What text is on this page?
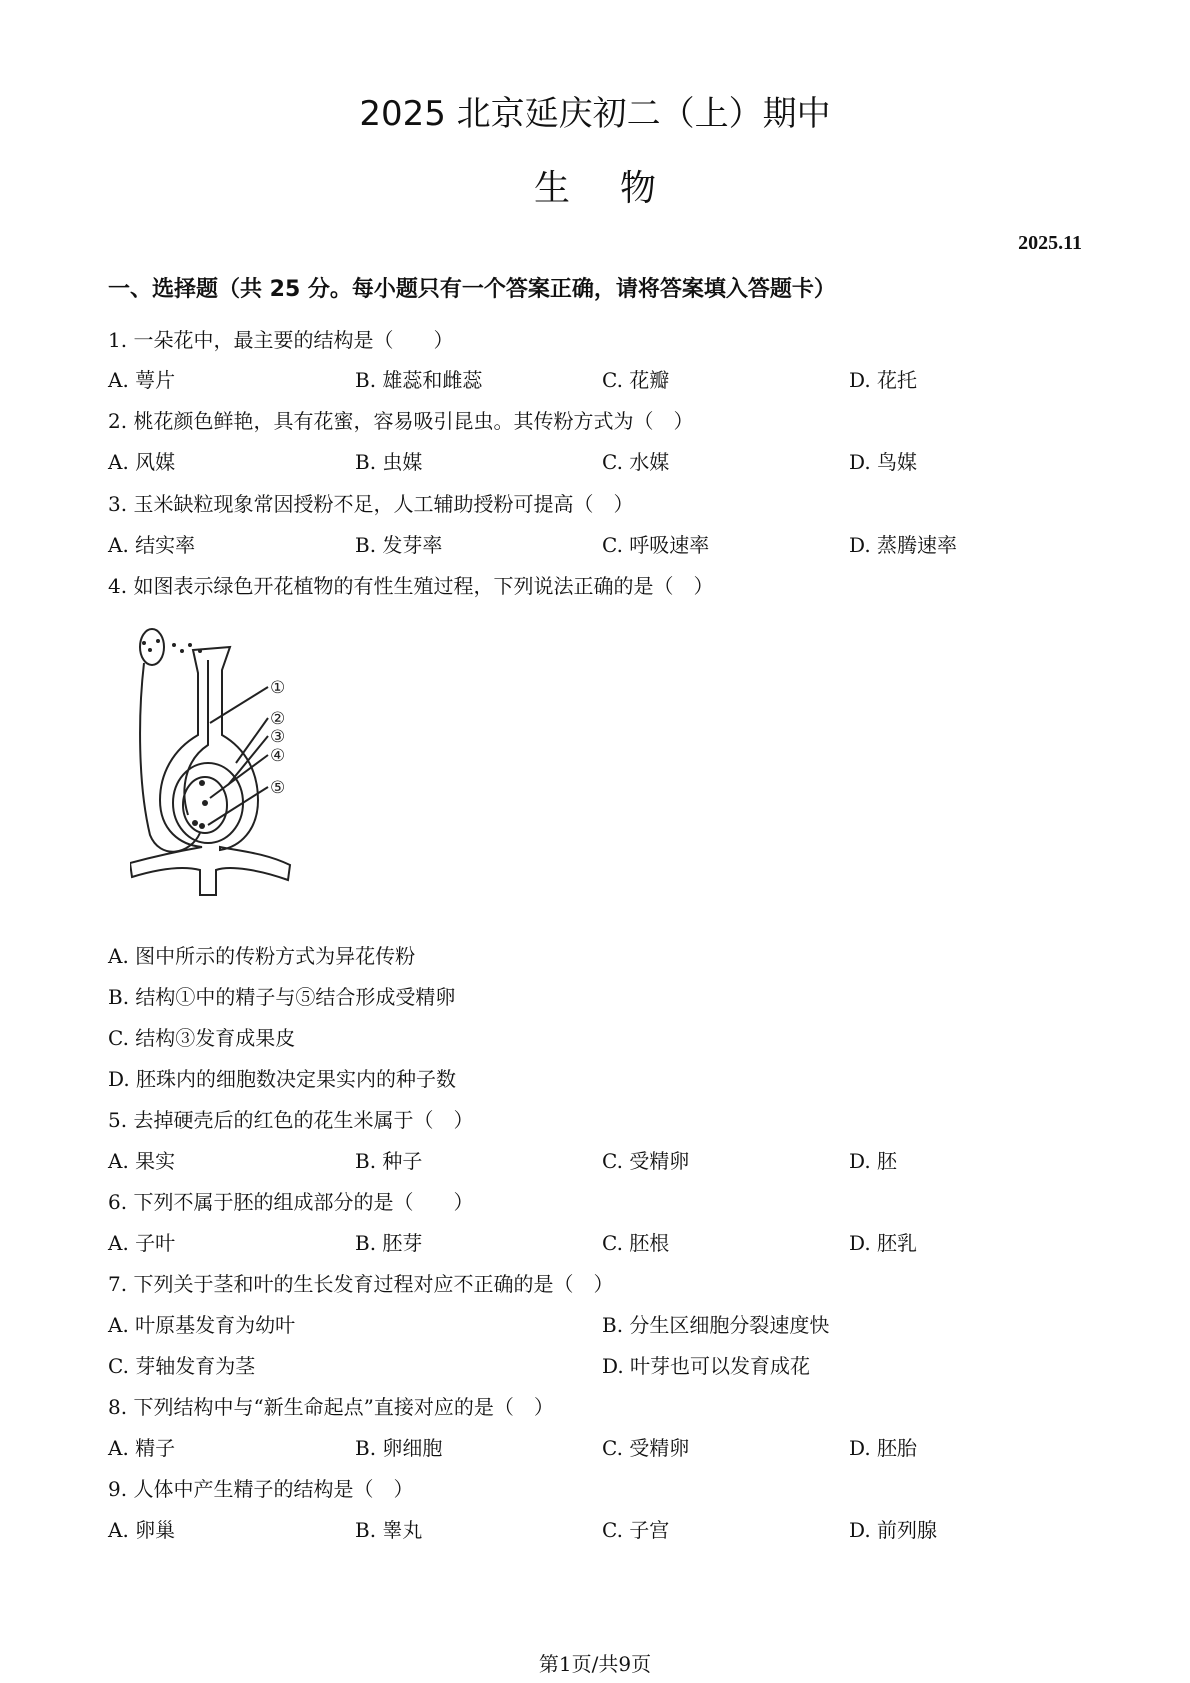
2025 北京延庆初二（上）期中
生物
2025.11
一、选择题（共 25 分。每小题只有一个答案正确，请将答案填入答题卡）
1. 一朵花中，最主要的结构是（　　）
A. 萼片	B. 雄蕊和雌蕊	C. 花瓣	D. 花托
2. 桃花颜色鲜艳，具有花蜜，容易吸引昆虫。其传粉方式为（　）
A. 风媒	B. 虫媒	C. 水媒	D. 鸟媒
3. 玉米缺粒现象常因授粉不足，人工辅助授粉可提高（　）
A. 结实率	B. 发芽率	C. 呼吸速率	D. 蒸腾速率
4. 如图表示绿色开花植物的有性生殖过程，下列说法正确的是（　）
①
②
③
④
⑤
A. 图中所示的传粉方式为异花传粉
B. 结构①中的精子与⑤结合形成受精卵
C. 结构③发育成果皮
D. 胚珠内的细胞数决定果实内的种子数
5. 去掉硬壳后的红色的花生米属于（　）
A. 果实	B. 种子	C. 受精卵	D. 胚
6. 下列不属于胚的组成部分的是（　　）
A. 子叶	B. 胚芽	C. 胚根	D. 胚乳
7. 下列关于茎和叶的生长发育过程对应不正确的是（　）
A. 叶原基发育为幼叶	B. 分生区细胞分裂速度快
C. 芽轴发育为茎	D. 叶芽也可以发育成花
8. 下列结构中与“新生命起点”直接对应的是（　）
A. 精子	B. 卵细胞	C. 受精卵	D. 胚胎
9. 人体中产生精子的结构是（　）
A. 卵巢	B. 睾丸	C. 子宫	D. 前列腺
第1页/共9页
